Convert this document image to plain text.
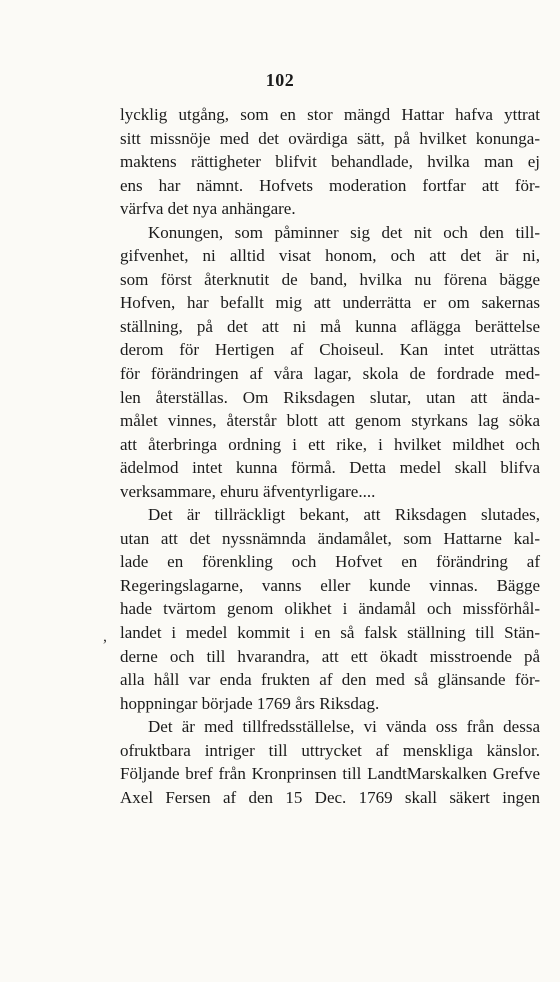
102
lycklig utgång, som en stor mängd Hattar hafva yttrat
sitt missnöje med det ovärdiga sätt, på hvilket konunga-
maktens rättigheter blifvit behandlade, hvilka man ej
ens har nämnt. Hofvets moderation fortfar att för-
värfva det nya anhängare.
Konungen, som påminner sig det nit och den till-
gifvenhet, ni alltid visat honom, och att det är ni,
som först återknutit de band, hvilka nu förena bägge
Hofven, har befallt mig att underrätta er om sakernas
ställning, på det att ni må kunna aflägga berättelse
derom för Hertigen af Choiseul. Kan intet uträttas
för förändringen af våra lagar, skola de fordrade med-
len återställas. Om Riksdagen slutar, utan att ända-
målet vinnes, återstår blott att genom styrkans lag söka
att återbringa ordning i ett rike, i hvilket mildhet och
ädelmod intet kunna förmå. Detta medel skall blifva
verksammare, ehuru äfventyrligare....
Det är tillräckligt bekant, att Riksdagen slutades,
utan att det nyssnämnda ändamålet, som Hattarne kal-
lade en förenkling och Hofvet en förändring af
Regeringslagarne, vanns eller kunde vinnas. Bägge
hade tvärtom genom olikhet i ändamål och missförhål-
landet i medel kommit i en så falsk ställning till Stän-
derne och till hvarandra, att ett ökadt misstroende på
alla håll var enda frukten af den med så glänsande för-
hoppningar började 1769 års Riksdag.
Det är med tillfredsställelse, vi vända oss från dessa
ofruktbara intriger till uttrycket af menskliga känslor.
Följande bref från Kronprinsen till LandtMarskalken Grefve
Axel Fersen af den 15 Dec. 1769 skall säkert ingen
,
